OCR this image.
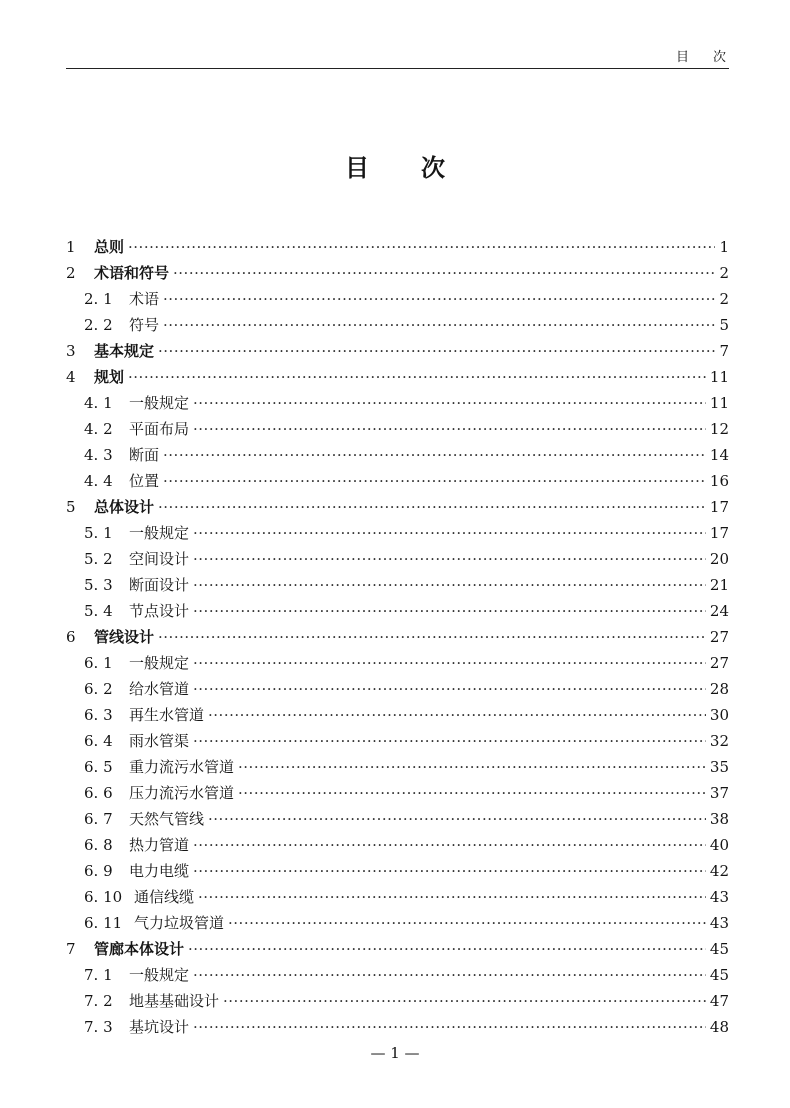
目 次
目 次
1	总则 ·····	1
2	术语和符号 ·····	2
2. 1	术语 ·····	2
2. 2	符号 ·····	5
3	基本规定 ·····	7
4	规划 ·····	11
4. 1	一般规定 ·····	11
4. 2	平面布局 ·····	12
4. 3	断面 ·····	14
4. 4	位置 ·····	16
5	总体设计 ·····	17
5. 1	一般规定 ·····	17
5. 2	空间设计 ·····	20
5. 3	断面设计 ·····	21
5. 4	节点设计 ·····	24
6	管线设计 ·····	27
6. 1	一般规定 ·····	27
6. 2	给水管道 ·····	28
6. 3	再生水管道 ·····	30
6. 4	雨水管渠 ·····	32
6. 5	重力流污水管道 ·····	35
6. 6	压力流污水管道 ·····	37
6. 7	天然气管线 ·····	38
6. 8	热力管道 ·····	40
6. 9	电力电缆 ·····	42
6. 10 通信线缆 ·····	43
6. 11 气力垃圾管道 ·····	43
7	管廊本体设计 ·····	45
7. 1	一般规定 ·····	45
7. 2	地基基础设计 ·····	47
7. 3	基坑设计 ·····	48
— 1 —
